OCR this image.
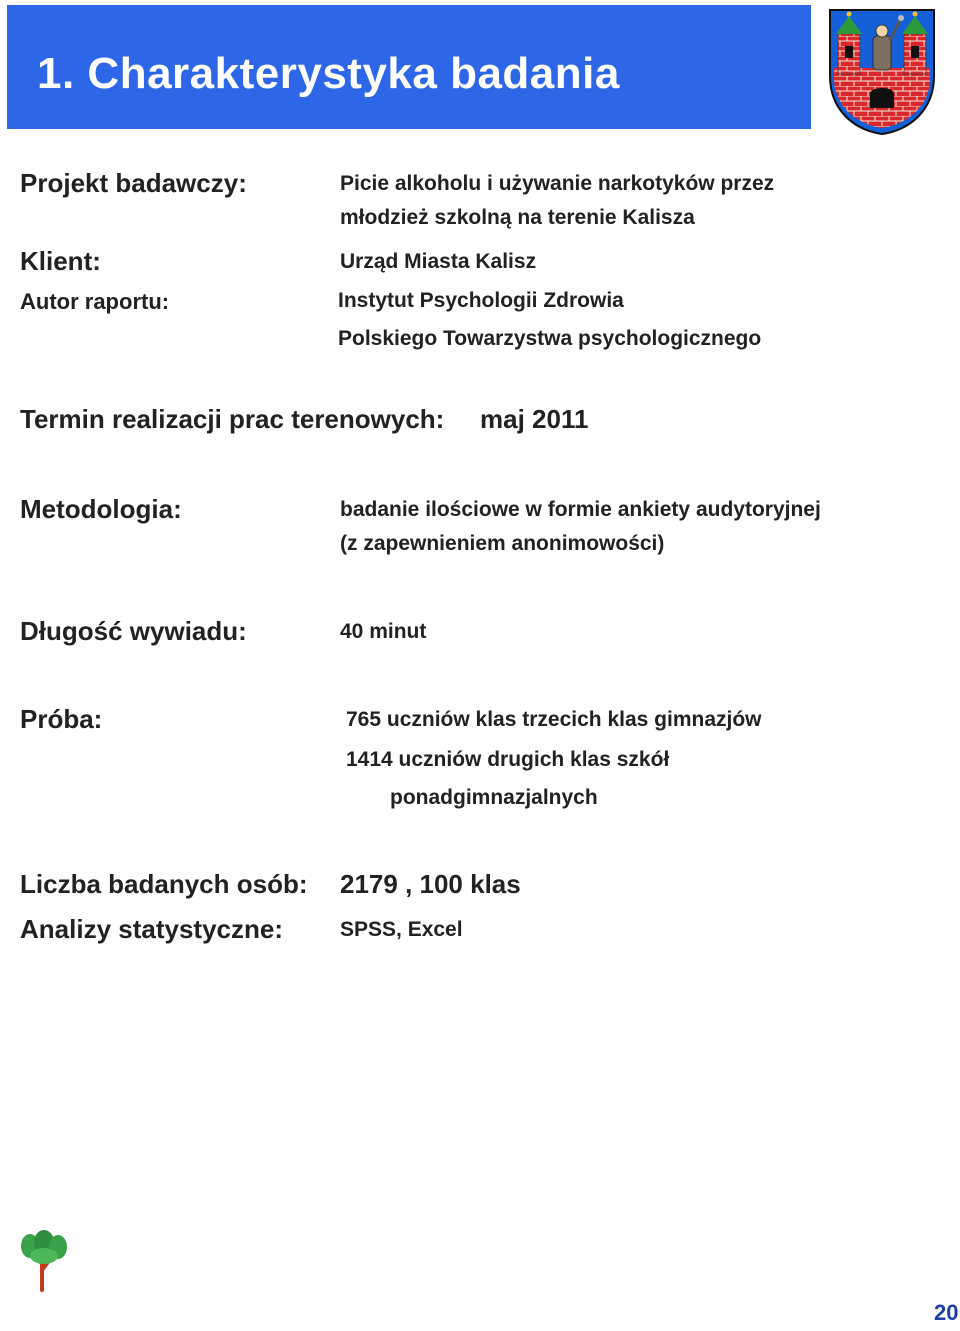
1. Charakterystyka badania
Projekt badawczy:	Picie alkoholu i używanie narkotyków przez
młodzież szkolną na terenie Kalisza
Klient:	Urząd Miasta Kalisz
Autor raportu:	Instytut Psychologii Zdrowia
Polskiego Towarzystwa psychologicznego
Termin realizacji prac terenowych: maj 2011
Metodologia:	badanie ilościowe w formie ankiety audytoryjnej
(z zapewnieniem anonimowości)
Długość wywiadu:	40 minut
Próba:	765 uczniów klas trzecich klas gimnazjów
1414 uczniów drugich klas szkół
ponadgimnazjalnych
Liczba badanych osób: 2179 , 100 klas
Analizy statystyczne:	SPSS, Excel
20
